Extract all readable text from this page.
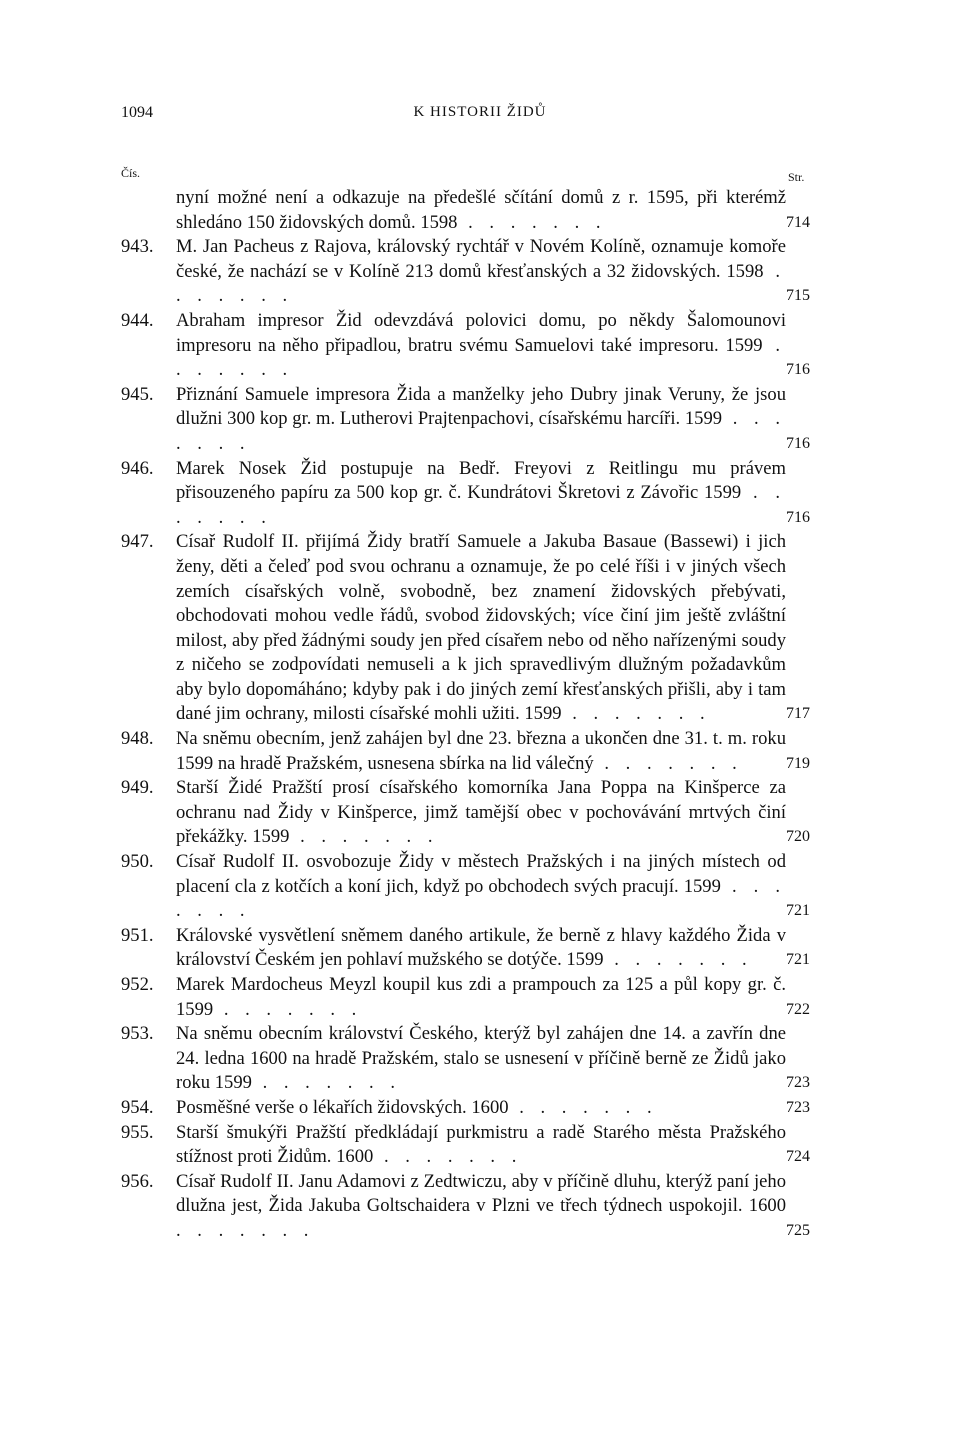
1094	K HISTORII ŽIDŮ
Čís.	Str.
nyní možné není a odkazuje na předešlé sčítání domů z r. 1595, při kterémž shledáno 150 židovských domů. 1598 . . . . . . .	714
943.	M. Jan Pacheus z Rajova, královský rychtář v Novém Kolíně, oznamuje komoře české, že nachází se v Kolíně 213 domů křesťanských a 32 židovských. 1598 . . . . . . .	715
944.	Abraham impresor Žid odevzdává polovici domu, po někdy Šalomounovi impresoru na něho připadlou, bratru svému Samuelovi také impresoru. 1599 . . . . . . .	716
945.	Přiznání Samuele impresora Žida a manželky jeho Dubry jinak Veruny, že jsou dlužni 300 kop gr. m. Lutherovi Prajtenpachovi, císařskému harcíři. 1599 . . . . . . .	716
946.	Marek Nosek Žid postupuje na Bedř. Freyovi z Reitlingu mu právem přisouzeného papíru za 500 kop gr. č. Kundrátovi Škretovi z Závořic 1599 . . . . . . .	716
947.	Císař Rudolf II. přijímá Židy bratří Samuele a Jakuba Basaue (Bassewi) i jich ženy, děti a čeleď pod svou ochranu a oznamuje, že po celé říši i v jiných všech zemích císařských volně, svobodně, bez znamení židovských přebývati, obchodovati mohou vedle řádů, svobod židovských; více činí jim ještě zvláštní milost, aby před žádnými soudy jen před císařem nebo od něho nařízenými soudy z ničeho se zodpovídati nemuseli a k jich spravedlivým dlužným požadavkům aby bylo dopomáháno; kdyby pak i do jiných zemí křesťanských přišli, aby i tam dané jim ochrany, milosti císařské mohli užiti. 1599 . . . . . . .	717
948.	Na sněmu obecním, jenž zahájen byl dne 23. března a ukončen dne 31. t. m. roku 1599 na hradě Pražském, usnesena sbírka na lid válečný . . . . . . .	719
949.	Starší Židé Pražští prosí císařského komorníka Jana Poppa na Kinšperce za ochranu nad Židy v Kinšperce, jimž tamější obec v pochovávání mrtvých činí překážky. 1599 . . . . . . .	720
950.	Císař Rudolf II. osvobozuje Židy v městech Pražských i na jiných místech od placení cla z kotčích a koní jich, když po obchodech svých pracují. 1599 . . . . . . .	721
951.	Královské vysvětlení sněmem daného artikule, že berně z hlavy každého Žida v království Českém jen pohlaví mužského se dotýče. 1599 . . . . . . .	721
952.	Marek Mardocheus Meyzl koupil kus zdi a prampouch za 125 a půl kopy gr. č. 1599 . . . . . . .	722
953.	Na sněmu obecním království Českého, kterýž byl zahájen dne 14. a zavřín dne 24. ledna 1600 na hradě Pražském, stalo se usnesení v příčině berně ze Židů jako roku 1599 . . . . . . .	723
954.	Posměšné verše o lékařích židovských. 1600 . . . . . . .	723
955.	Starší šmukýři Pražští předkládají purkmistru a radě Starého města Pražského stížnost proti Židům. 1600 . . . . . . .	724
956.	Císař Rudolf II. Janu Adamovi z Zedtwiczu, aby v příčině dluhu, kterýž paní jeho dlužna jest, Žida Jakuba Goltschaidera v Plzni ve třech týdnech uspokojil. 1600 . . . . . . .	725
